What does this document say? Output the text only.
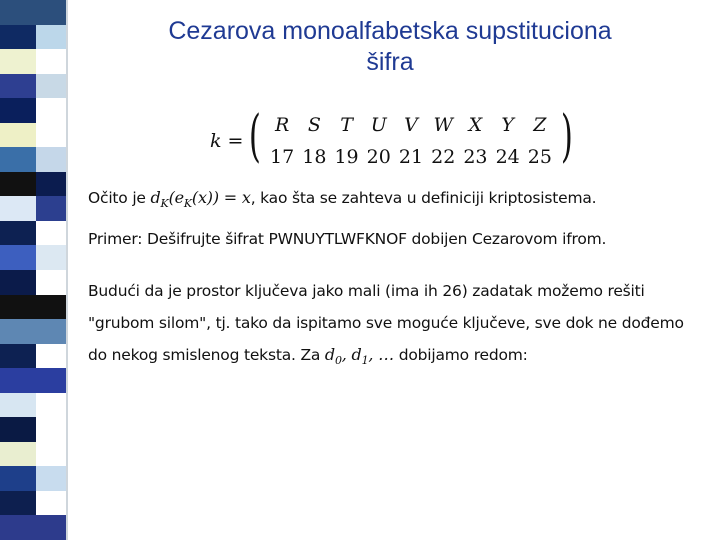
Cezarova monoalfabetska supstituciona
šifra
k = ( R S	T U V W X	Y	Z
17 18 19 20 21 22 23 24 25 )
Očito je $d_K(e_K(x)) = x$, kao šta se zahteva u definiciji kriptosistema.
Primer: Dešifrujte šifrat PWNUYTLWFKNOF dobijen Cezarovom ifrom.
Budući da je prostor ključeva jako mali (ima ih 26) zadatak možemo rešiti "grubom silom", tj. tako da ispitamo sve moguće ključeve, sve dok ne dođemo do nekog smislenog teksta. Za $d_0$, $d_1$, … dobijamo redom:
